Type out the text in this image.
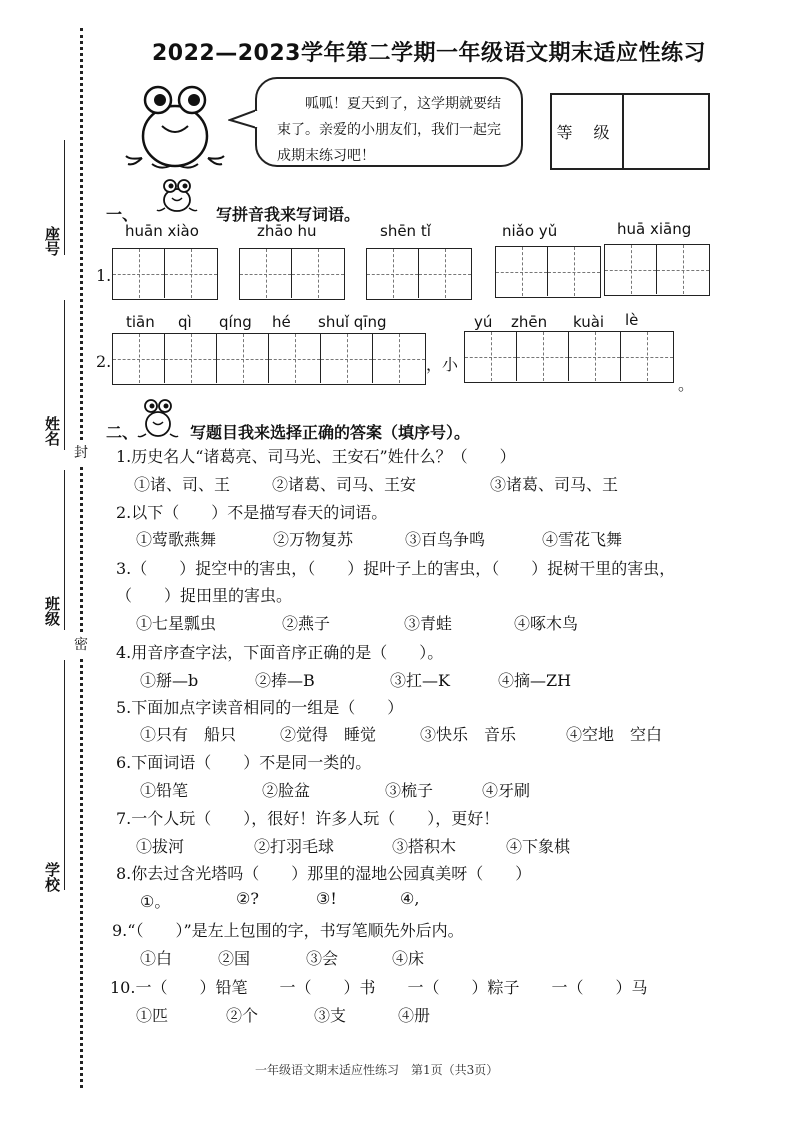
座号
姓名
封
班级
密
学校
2022—2023学年第二学期一年级语文期末适应性练习
呱呱！夏天到了，这学期就要结束了。亲爱的小朋友们，我们一起完成期末练习吧！
等 级
一、	写拼音我来写词语。
huān xiào	zhāo hu	shēn tǐ	niǎo yǔ	huā xiāng
1.
tiān qì qíng hé shuǐ qīng	yú zhēn kuài lè
2.	，小
。
二、	写题目我来选择正确的答案（填序号）。
1.历史名人“诸葛亮、司马光、王安石”姓什么？（　　）
①诸、司、王	②诸葛、司马、王安	③诸葛、司马、王
2.以下（　　）不是描写春天的词语。
①莺歌燕舞	②万物复苏	③百鸟争鸣	④雪花飞舞
3.（　　）捉空中的害虫，（　　）捉叶子上的害虫，（　　）捉树干里的害虫，
（　　）捉田里的害虫。
①七星瓢虫	②燕子	③青蛙	④啄木鸟
4.用音序查字法，下面音序正确的是（　　）。
①掰—b	②捧—B	③扛—K	④摘—ZH
5.下面加点字读音相同的一组是（　　）
①只有　船只	②觉得　睡觉	③快乐　音乐	④空地　空白
6.下面词语（　　）不是同一类的。
①铅笔	②脸盆	③梳子	④牙刷
7.一个人玩（　　），很好！许多人玩（　　），更好！
①拔河	②打羽毛球	③搭积木	④下象棋
8.你去过含光塔吗（　　）那里的湿地公园真美呀（　　）
①。	②?	③!	④,
9.“（　　）”是左上包围的字，书写笔顺先外后内。
①白	②国	③会	④床
10.一（　　）铅笔　　一（　　）书　　一（　　）粽子　　一（　　）马
①匹	②个	③支	④册
一年级语文期末适应性练习　第1页（共3页）
